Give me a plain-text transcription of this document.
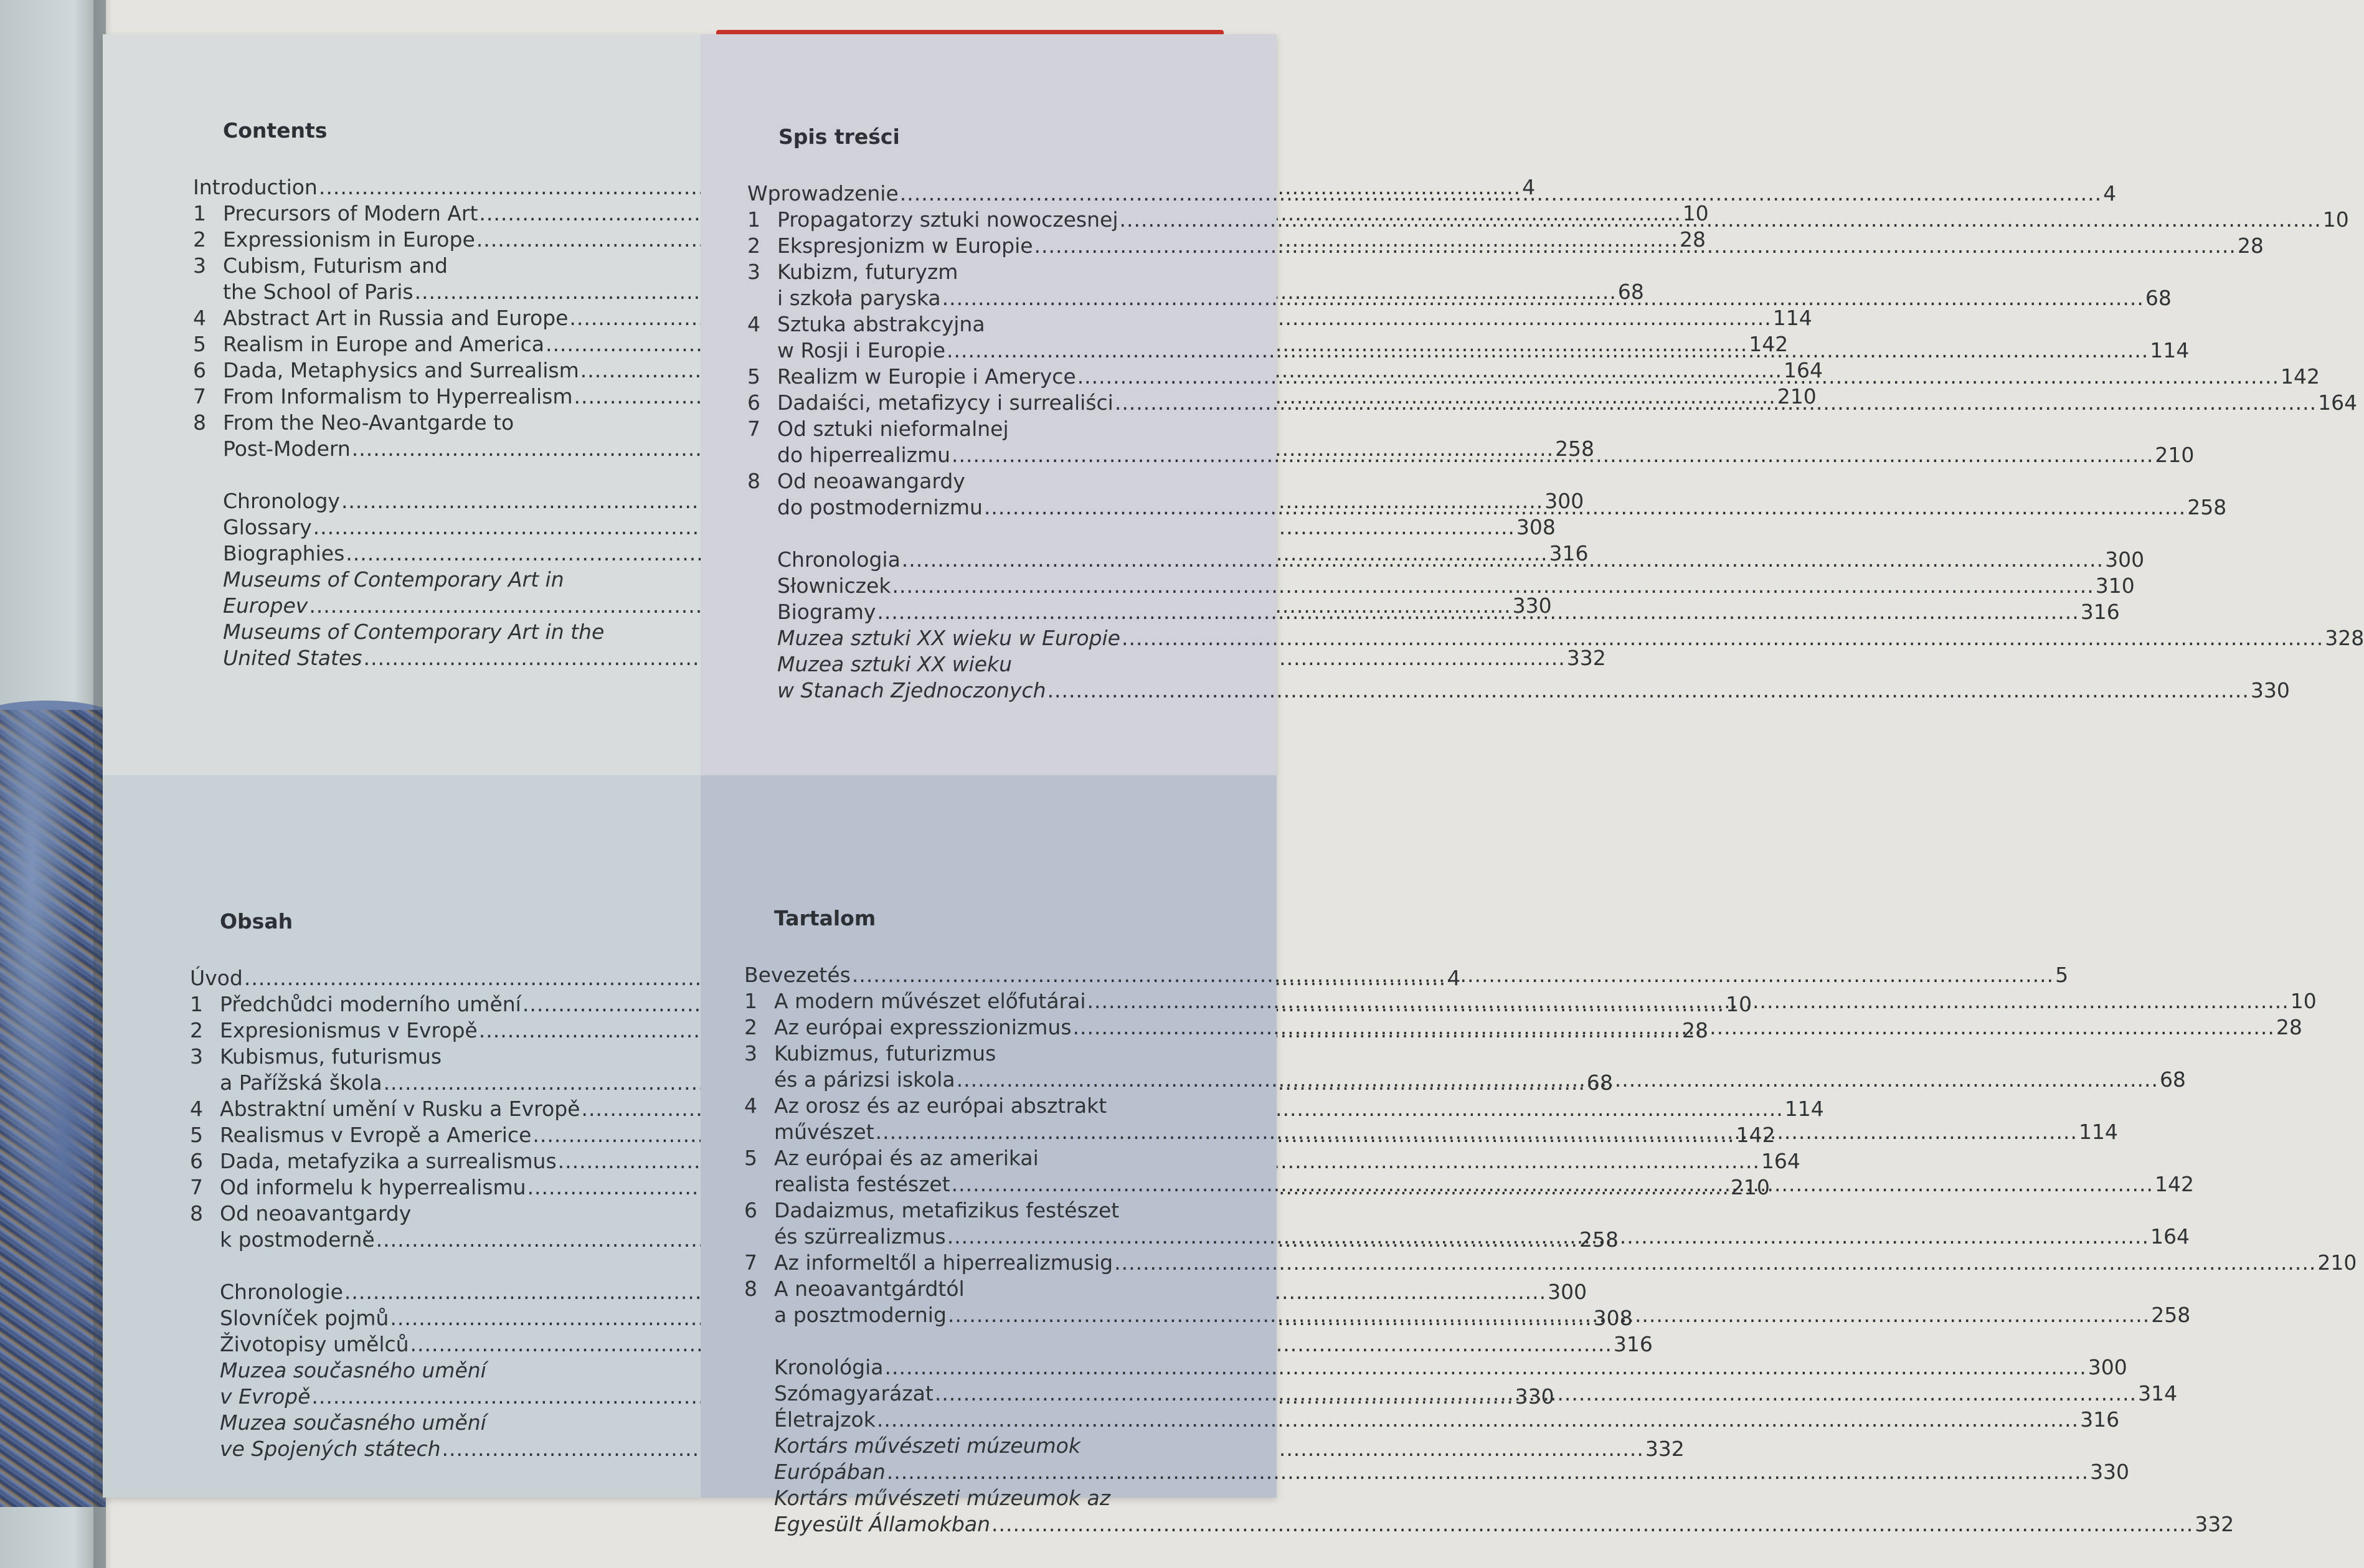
Contents
Introduction .....	4
1 Precursors of Modern Art .....	10
2 Expressionism in Europe .....	28
3 Cubism, Futurism and
the School of Paris .....	68
4 Abstract Art in Russia and Europe .....	114
5 Realism in Europe and America .....	142
6 Dada, Metaphysics and Surrealism .....	164
7 From Informalism to Hyperrealism .....	210
8 From the Neo-Avantgarde to
Post-Modern .....	258
Chronology .....	300
Glossary .....	308
Biographies .....	316
Museums of Contemporary Art in
Europev .....	330
Museums of Contemporary Art in the
United States .....	332
Spis treści
Wprowadzenie .....	4
1 Propagatorzy sztuki nowoczesnej .....	10
2 Ekspresjonizm w Europie .....	28
3 Kubizm, futuryzm
i szkoła paryska .....	68
4 Sztuka abstrakcyjna
w Rosji i Europie .....	114
5 Realizm w Europie i Ameryce .....	142
6 Dadaiści, metafizycy i surrealiści .....	164
7 Od sztuki nieformalnej
do hiperrealizmu .....	210
8 Od neoawangardy
do postmodernizmu .....	258
Chronologia .....	300
Słowniczek .....	310
Biogramy .....	316
Muzea sztuki XX wieku w Europie .....	328
Muzea sztuki XX wieku
w Stanach Zjednoczonych .....	330
Obsah
Úvod .....	4
1 Předchůdci moderního umění .....	10
2 Expresionismus v Evropě .....	28
3 Kubismus, futurismus
a Pařížská škola .....	68
4 Abstraktní umění v Rusku a Evropě .....	114
5 Realismus v Evropě a Americe .....	142
6 Dada, metafyzika a surrealismus .....	164
7 Od informelu k hyperrealismu .....	210
8 Od neoavantgardy
k postmoderně .....	258
Chronologie .....	300
Slovníček pojmů .....	308
Životopisy umělců .....	316
Muzea současného umění
v Evropě .....	330
Muzea současného umění
ve Spojených státech .....	332
Tartalom
Bevezetés .....	5
1 A modern művészet előfutárai .....	10
2 Az európai expresszionizmus .....	28
3 Kubizmus, futurizmus
és a párizsi iskola .....	68
4 Az orosz és az európai absztrakt
művészet .....	114
5 Az európai és az amerikai
realista festészet .....	142
6 Dadaizmus, metafizikus festészet
és szürrealizmus .....	164
7 Az informeltől a hiperrealizmusig .....	210
8 A neoavantgárdtól
a posztmodernig .....	258
Kronológia .....	300
Szómagyarázat .....	314
Életrajzok .....	316
Kortárs művészeti múzeumok
Európában .....	330
Kortárs művészeti múzeumok az
Egyesült Államokban .....	332
